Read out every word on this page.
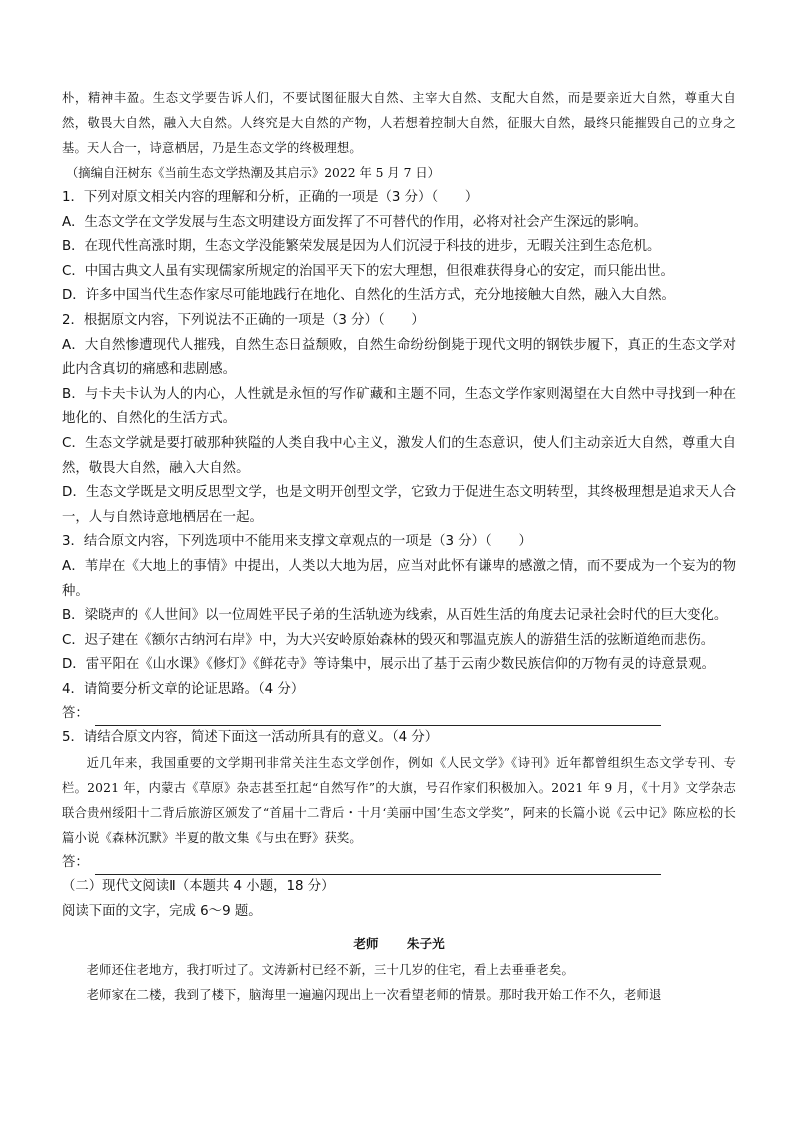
朴，精神丰盈。生态文学要告诉人们，不要试图征服大自然、主宰大自然、支配大自然，而是要亲近大自然，尊重大自然，敬畏大自然，融入大自然。人终究是大自然的产物，人若想着控制大自然，征服大自然，最终只能摧毁自己的立身之基。天人合一，诗意栖居，乃是生态文学的终极理想。

（摘编自汪树东《当前生态文学热潮及其启示》2022 年 5 月 7 日）

1．下列对原文相关内容的理解和分析，正确的一项是（3 分）（　　）

A．生态文学在文学发展与生态文明建设方面发挥了不可替代的作用，必将对社会产生深远的影响。

B．在现代性高涨时期，生态文学没能繁荣发展是因为人们沉浸于科技的进步，无暇关注到生态危机。

C．中国古典文人虽有实现儒家所规定的治国平天下的宏大理想，但很难获得身心的安定，而只能出世。

D．许多中国当代生态作家尽可能地践行在地化、自然化的生活方式，充分地接触大自然，融入大自然。

2．根据原文内容，下列说法不正确的一项是（3 分）（　　）

A．大自然惨遭现代人摧残，自然生态日益颓败，自然生命纷纷倒毙于现代文明的钢铁步履下，真正的生态文学对此内含真切的痛感和悲剧感。

B．与卡夫卡认为人的内心，人性就是永恒的写作矿藏和主题不同，生态文学作家则渴望在大自然中寻找到一种在地化的、自然化的生活方式。

C．生态文学就是要打破那种狭隘的人类自我中心主义，激发人们的生态意识，使人们主动亲近大自然，尊重大自然，敬畏大自然，融入大自然。

D．生态文学既是文明反思型文学，也是文明开创型文学，它致力于促进生态文明转型，其终极理想是追求天人合一，人与自然诗意地栖居在一起。

3．结合原文内容，下列选项中不能用来支撑文章观点的一项是（3 分）（　　）

A．苇岸在《大地上的事情》中提出，人类以大地为居，应当对此怀有谦卑的感激之情，而不要成为一个妄为的物种。

B．梁晓声的《人世间》以一位周姓平民子弟的生活轨迹为线索，从百姓生活的角度去记录社会时代的巨大变化。

C．迟子建在《额尔古纳河右岸》中，为大兴安岭原始森林的毁灭和鄂温克族人的游猎生活的弦断道绝而悲伤。

D．雷平阳在《山水课》《修灯》《鲜花寺》等诗集中，展示出了基于云南少数民族信仰的万物有灵的诗意景观。

4．请简要分析文章的论证思路。（4 分）

答：

5．请结合原文内容，简述下面这一活动所具有的意义。（4 分）

近几年来，我国重要的文学期刊非常关注生态文学创作，例如《人民文学》《诗刊》近年都曾组织生态文学专刊、专栏。2021 年，内蒙古《草原》杂志甚至扛起“自然写作”的大旗，号召作家们积极加入。2021 年 9 月，《十月》文学杂志联合贵州绥阳十二背后旅游区颁发了“首届十二背后・十月‘美丽中国’生态文学奖”，阿来的长篇小说《云中记》陈应松的长篇小说《森林沉默》半夏的散文集《与虫在野》获奖。

答：

（二）现代文阅读Ⅱ（本题共 4 小题，18 分）

阅读下面的文字，完成 6～9 题。

老师 朱子光

老师还住老地方，我打听过了。文涛新村已经不新，三十几岁的住宅，看上去垂垂老矣。

老师家在二楼，我到了楼下，脑海里一遍遍闪现出上一次看望老师的情景。那时我开始工作不久，老师退
